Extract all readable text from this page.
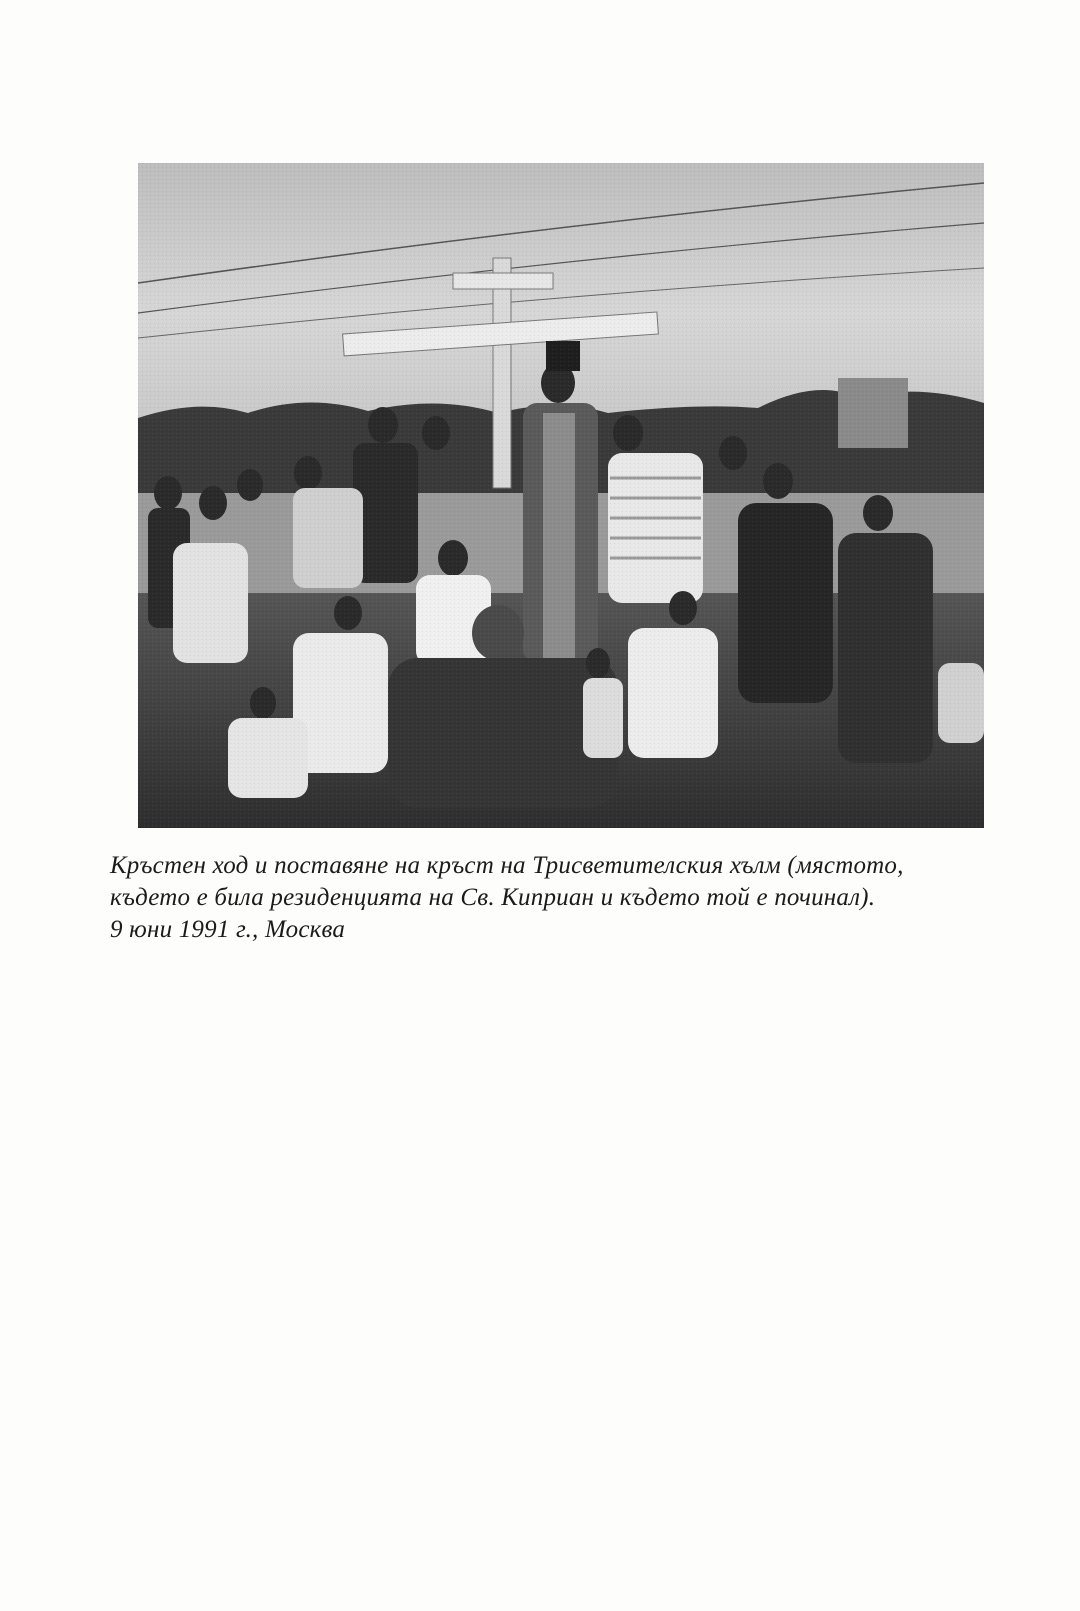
Кръстен ход и поставяне на кръст на Трисветителския хълм (мястото,
където е била резиденцията на Св. Киприан и където той е починал).
9 юни 1991 г., Москва
